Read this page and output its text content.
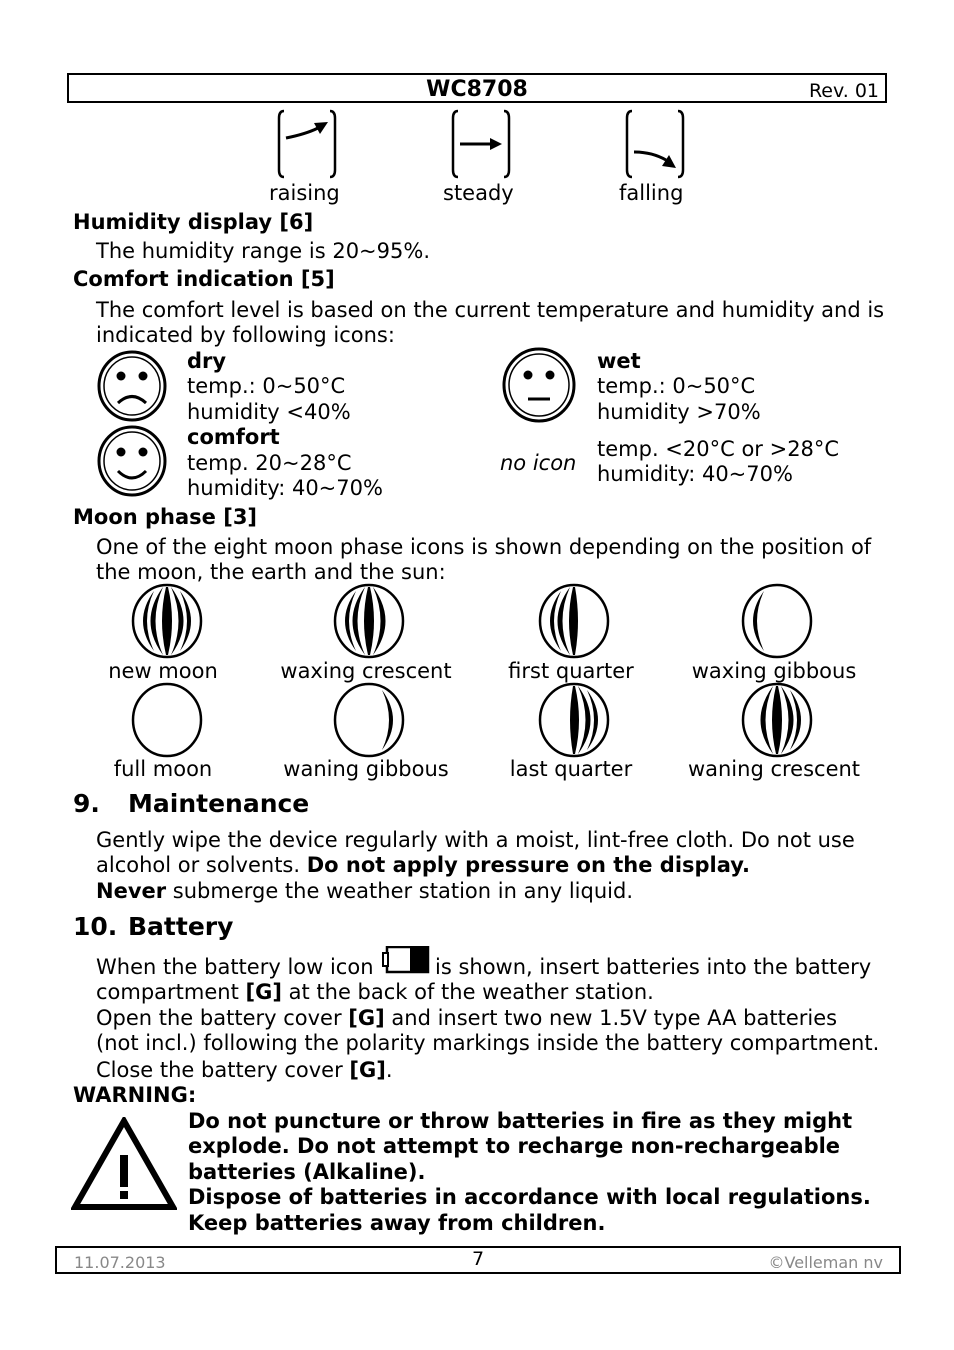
WC8708	Rev. 01
raising	steady	falling
Humidity display [6]
The humidity range is 20~95%.
Comfort indication [5]
The comfort level is based on the current temperature and humidity and is
indicated by following icons:
dry
temp.: 0~50°C
humidity <40%
wet
temp.: 0~50°C
humidity >70%
comfort
temp. 20~28°C
humidity: 40~70%
no icon
temp. <20°C or >28°C
humidity: 40~70%
Moon phase [3]
One of the eight moon phase icons is shown depending on the position of
the moon, the earth and the sun:
new moon	waxing crescent	first quarter	waxing gibbous
full moon	waning gibbous	last quarter	waning crescent
9. Maintenance
Gently wipe the device regularly with a moist, lint-free cloth. Do not use
alcohol or solvents. Do not apply pressure on the display.
Never submerge the weather station in any liquid.
10. Battery
When the battery low icon	is shown, insert batteries into the battery
compartment [G] at the back of the weather station.
Open the battery cover [G] and insert two new 1.5V type AA batteries
(not incl.) following the polarity markings inside the battery compartment.
Close the battery cover [G].
WARNING:
Do not puncture or throw batteries in fire as they might
explode. Do not attempt to recharge non-rechargeable
batteries (Alkaline).
Dispose of batteries in accordance with local regulations.
Keep batteries away from children.
11.07.2013	7	©Velleman nv
